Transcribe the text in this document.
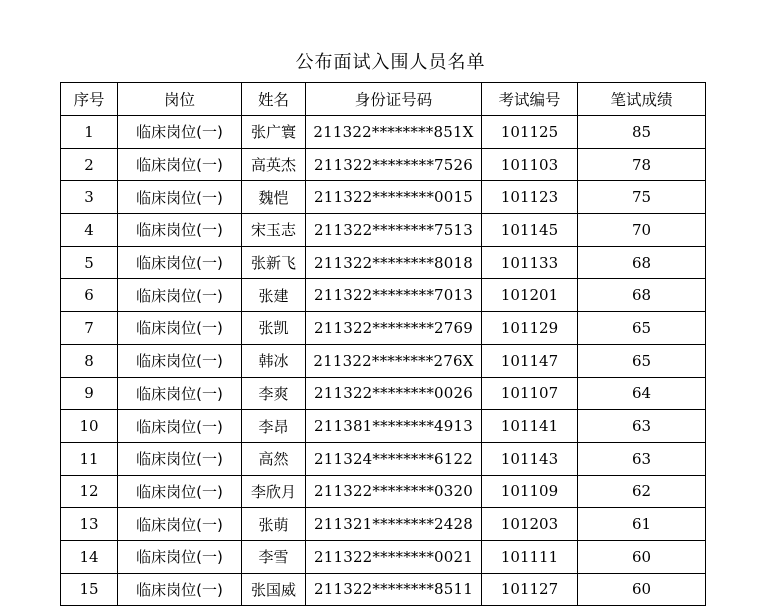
公布面试入围人员名单
序号	岗位	姓名	身份证号码	考试编号	笔试成绩
1	临床岗位(一)	张广寰	211322********851X	101125	85
2	临床岗位(一)	高英杰	211322********7526	101103	78
3	临床岗位(一)	魏恺	211322********0015	101123	75
4	临床岗位(一)	宋玉志	211322********7513	101145	70
5	临床岗位(一)	张新飞	211322********8018	101133	68
6	临床岗位(一)	张建	211322********7013	101201	68
7	临床岗位(一)	张凯	211322********2769	101129	65
8	临床岗位(一)	韩冰	211322********276X	101147	65
9	临床岗位(一)	李爽	211322********0026	101107	64
10	临床岗位(一)	李昂	211381********4913	101141	63
11	临床岗位(一)	高然	211324********6122	101143	63
12	临床岗位(一)	李欣月	211322********0320	101109	62
13	临床岗位(一)	张萌	211321********2428	101203	61
14	临床岗位(一)	李雪	211322********0021	101111	60
15	临床岗位(一)	张国威	211322********8511	101127	60
